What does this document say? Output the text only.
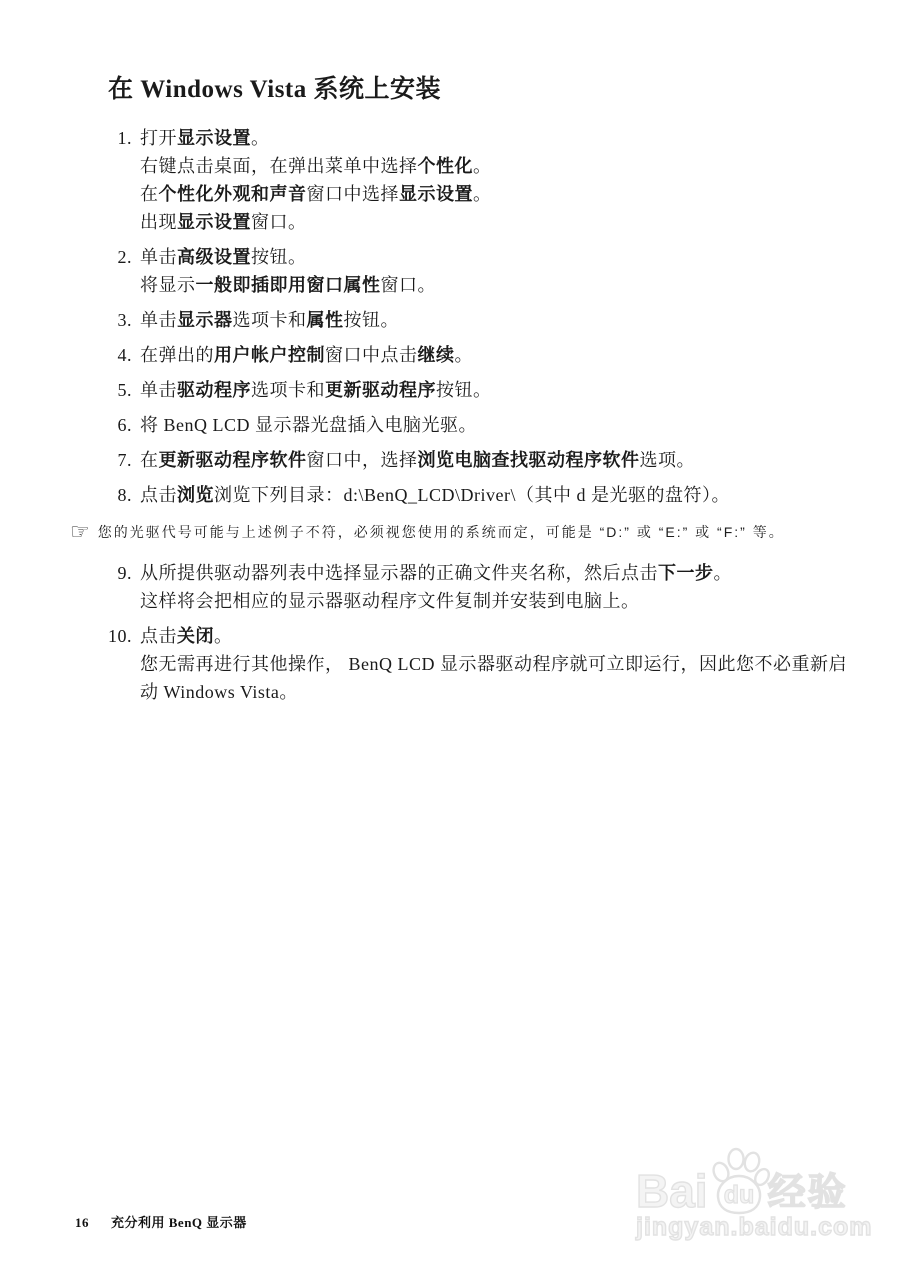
在 Windows Vista 系统上安装
1. 打开显示设置。
右键点击桌面，在弹出菜单中选择个性化。
在个性化外观和声音窗口中选择显示设置。
出现显示设置窗口。
2. 单击高级设置按钮。
将显示一般即插即用窗口属性窗口。
3. 单击显示器选项卡和属性按钮。
4. 在弹出的用户帐户控制窗口中点击继续。
5. 单击驱动程序选项卡和更新驱动程序按钮。
6. 将 BenQ LCD 显示器光盘插入电脑光驱。
7. 在更新驱动程序软件窗口中，选择浏览电脑查找驱动程序软件选项。
8. 点击浏览浏览下列目录：d:\BenQ_LCD\Driver\（其中 d 是光驱的盘符）。
☞ 您的光驱代号可能与上述例子不符，必须视您使用的系统而定，可能是 “D:” 或 “E:” 或 “F:” 等。
9. 从所提供驱动器列表中选择显示器的正确文件夹名称，然后点击下一步。
这样将会把相应的显示器驱动程序文件复制并安装到电脑上。
10. 点击关闭。
您无需再进行其他操作， BenQ LCD 显示器驱动程序就可立即运行，因此您不必重新启动 Windows Vista。
16 充分利用 BenQ 显示器
Bai du 经验
jingyan.baidu.com
